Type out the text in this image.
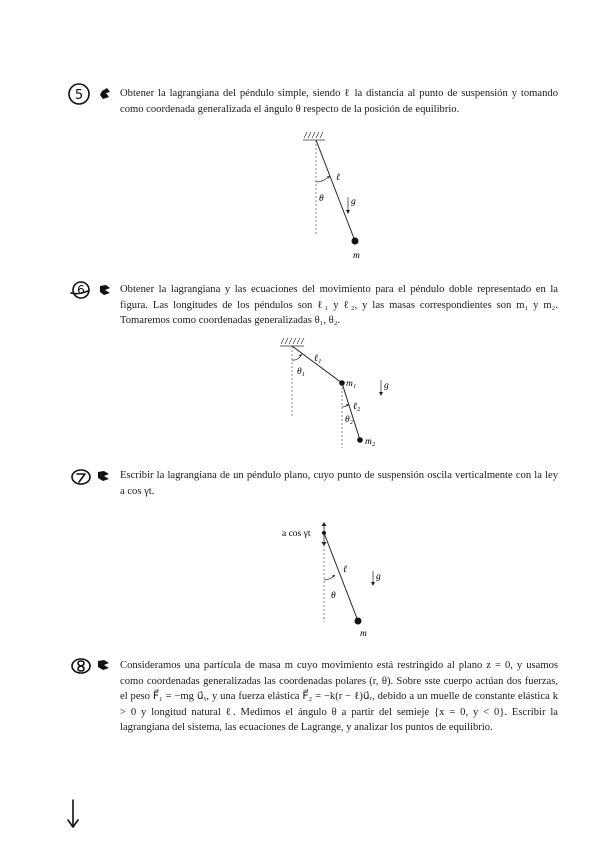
5	Obtener la lagrangiana del péndulo simple, siendo ℓ la distancia al punto de suspensión y tomando como coordenada generalizada el ángulo θ respecto de la posición de equilibrio.
ℓ
θ
m
g⃗
6	Obtener la lagrangiana y las ecuaciones del movimiento para el péndulo doble representado en la figura. Las longitudes de los péndulos son ℓ₁ y ℓ₂, y las masas correspondientes son m₁ y m₂. Tomaremos como coordenadas generalizadas θ₁, θ₂.
ℓ₁
θ₁
m₁
ℓ₂
θ₂
m₂
g⃗
Escribir la lagrangiana de un péndulo plano, cuyo punto de suspensión oscila verticalmente con la ley a cos γt.
a cos γt
ℓ
θ
m
g⃗
Consideramos una partícula de masa m cuyo movimiento está restringido al plano z = 0, y usamos como coordenadas generalizadas las coordenadas polares (r, θ). Sobre sste cuerpo actúan dos fuerzas, el peso F⃗₁ = −mg u⃗ᵧ, y una fuerza elástica F⃗₂ = −k(r − ℓ)u⃗ᵣ, debido a un muelle de constante elástica k > 0 y longitud natural ℓ. Medimos el ángulo θ a partir del semieje {x = 0, y < 0}. Escribir la lagrangiana del sistema, las ecuaciones de Lagrange, y analizar los puntos de equilibrio.
